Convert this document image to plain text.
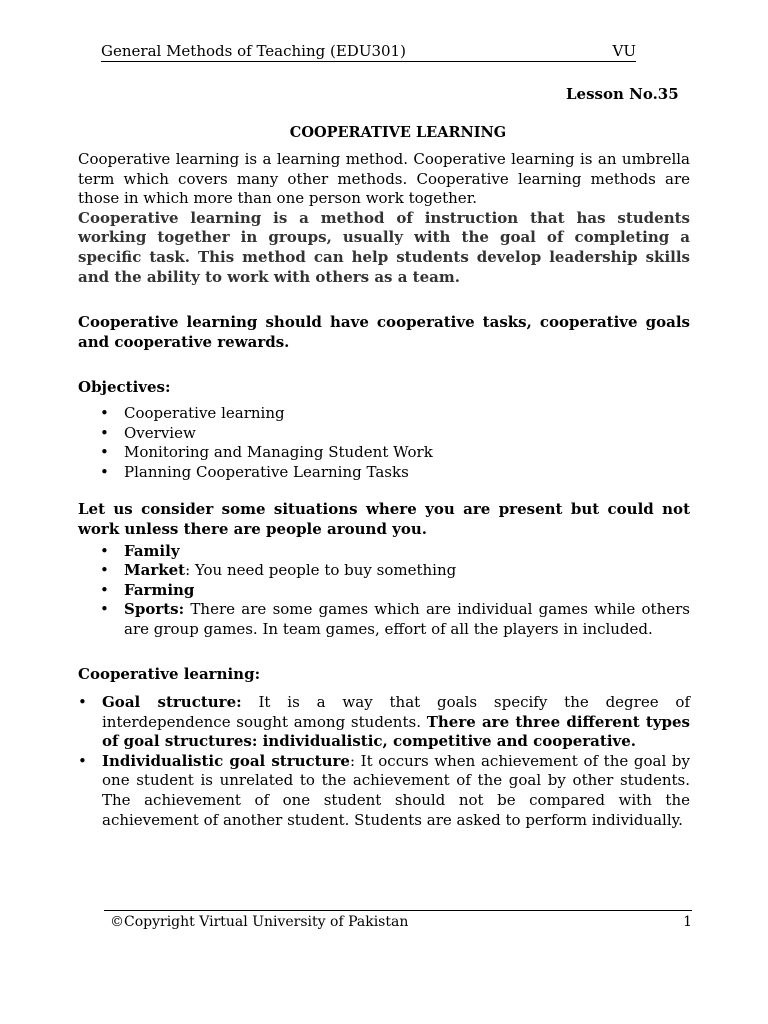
General Methods of Teaching (EDU301)	VU
Lesson No.35
COOPERATIVE LEARNING

Cooperative learning is a learning method. Cooperative learning is an umbrella term which covers many other methods. Cooperative learning methods are those in which more than one person work together.

Cooperative learning is a method of instruction that has students working together in groups, usually with the goal of completing a specific task. This method can help students develop leadership skills and the ability to work with others as a team.

Cooperative learning should have cooperative tasks, cooperative goals and cooperative rewards.

Objectives:

• Cooperative learning
• Overview
• Monitoring and Managing Student Work
• Planning Cooperative Learning Tasks

Let us consider some situations where you are present but could not work unless there are people around you.

• Family
• Market: You need people to buy something
• Farming
• Sports: There are some games which are individual games while others are group games. In team games, effort of all the players in included.

Cooperative learning:

• Goal structure: It is a way that goals specify the degree of interdependence sought among students. There are three different types of goal structures: individualistic, competitive and cooperative.
• Individualistic goal structure: It occurs when achievement of the goal by one student is unrelated to the achievement of the goal by other students. The achievement of one student should not be compared with the achievement of another student. Students are asked to perform individually.
©Copyright Virtual University of Pakistan	1
